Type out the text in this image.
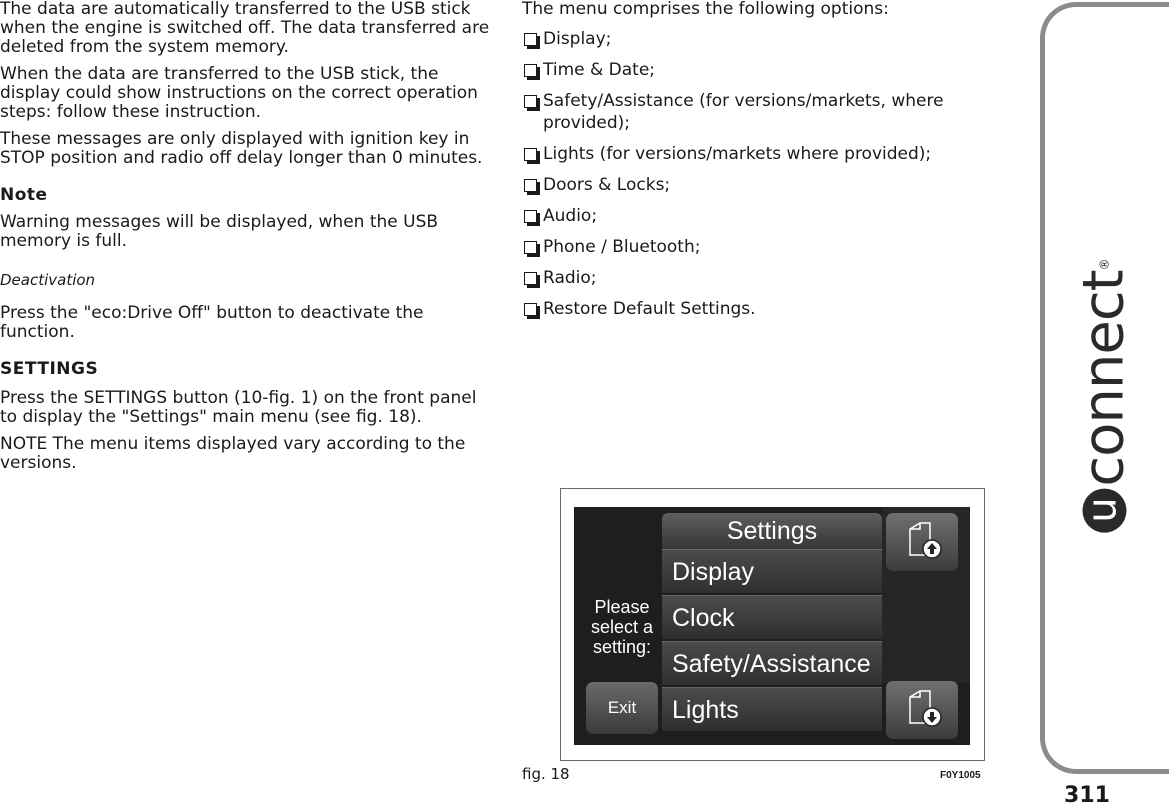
The data are automatically transferred to the USB stick when the engine is switched off. The data transferred are deleted from the system memory.

When the data are transferred to the USB stick, the display could show instructions on the correct operation steps: follow these instruction.

These messages are only displayed with ignition key in STOP position and radio off delay longer than 0 minutes.

Note

Warning messages will be displayed, when the USB memory is full.

Deactivation

Press the "eco:Drive Off" button to deactivate the function.

SETTINGS

Press the SETTINGS button (10-fig. 1) on the front panel to display the "Settings" main menu (see fig. 18).

NOTE The menu items displayed vary according to the versions.

The menu comprises the following options:

Display;
Time & Date;
Safety/Assistance (for versions/markets, where provided);
Lights (for versions/markets where provided);
Doors & Locks;
Audio;
Phone / Bluetooth;
Radio;
Restore Default Settings.
Please select a setting:
Exit
Settings
Display
Clock
Safety/Assistance
Lights
fig. 18	F0Y1005
u
connect
®
311
